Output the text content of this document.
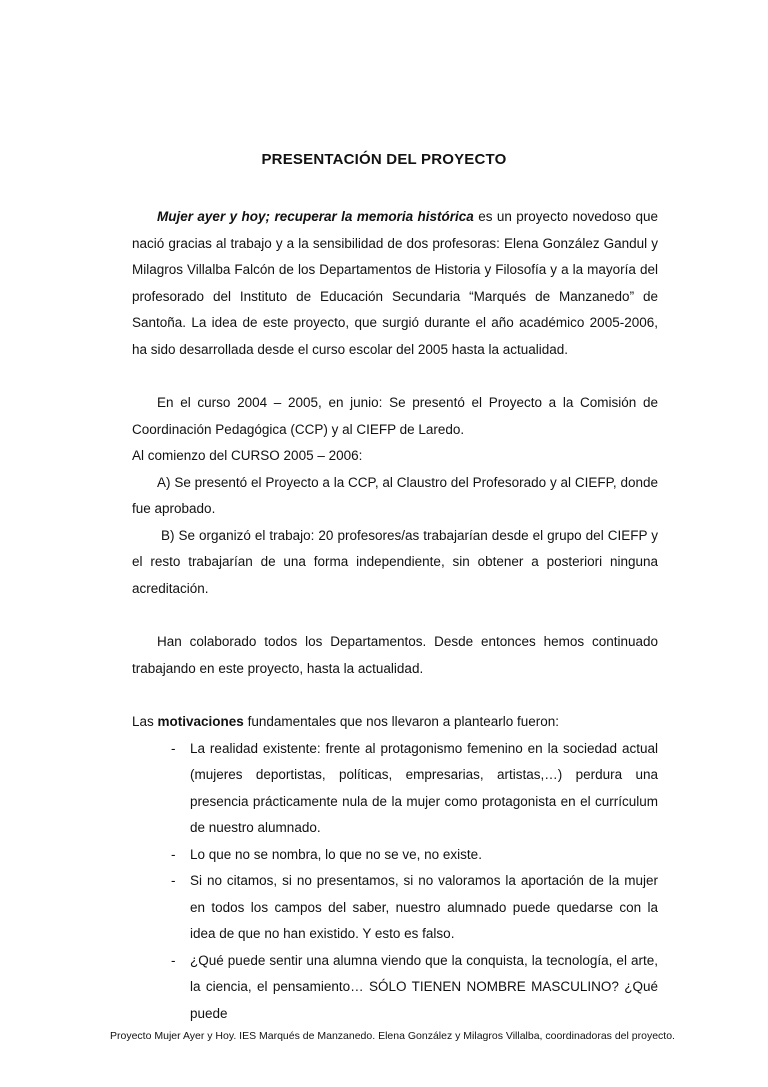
PRESENTACIÓN DEL PROYECTO

Mujer ayer y hoy; recuperar la memoria histórica es un proyecto novedoso que nació gracias al trabajo y a la sensibilidad de dos profesoras: Elena González Gandul y Milagros Villalba Falcón de los Departamentos de Historia y Filosofía y a la mayoría del profesorado del Instituto de Educación Secundaria “Marqués de Manzanedo” de Santoña. La idea de este proyecto, que surgió durante el año académico 2005-2006, ha sido desarrollada desde el curso escolar del 2005 hasta la actualidad.

En el curso 2004 – 2005, en junio: Se presentó el Proyecto a la Comisión de Coordinación Pedagógica (CCP) y al CIEFP de Laredo.

Al comienzo del CURSO 2005 – 2006:

A) Se presentó el Proyecto a la CCP, al Claustro del Profesorado y al CIEFP, donde fue aprobado.

B) Se organizó el trabajo: 20 profesores/as trabajarían desde el grupo del CIEFP y el resto trabajarían de una forma independiente, sin obtener a posteriori ninguna acreditación.

Han colaborado todos los Departamentos. Desde entonces hemos continuado trabajando en este proyecto, hasta la actualidad.

Las motivaciones fundamentales que nos llevaron a plantearlo fueron:

- La realidad existente: frente al protagonismo femenino en la sociedad actual (mujeres deportistas, políticas, empresarias, artistas,…) perdura una presencia prácticamente nula de la mujer como protagonista en el currículum de nuestro alumnado.
- Lo que no se nombra, lo que no se ve, no existe.
- Si no citamos, si no presentamos, si no valoramos la aportación de la mujer en todos los campos del saber, nuestro alumnado puede quedarse con la idea de que no han existido. Y esto es falso.
- ¿Qué puede sentir una alumna viendo que la conquista, la tecnología, el arte, la ciencia, el pensamiento… SÓLO TIENEN NOMBRE MASCULINO? ¿Qué puede
Proyecto Mujer Ayer y Hoy. IES Marqués de Manzanedo. Elena González y Milagros Villalba, coordinadoras del proyecto.
